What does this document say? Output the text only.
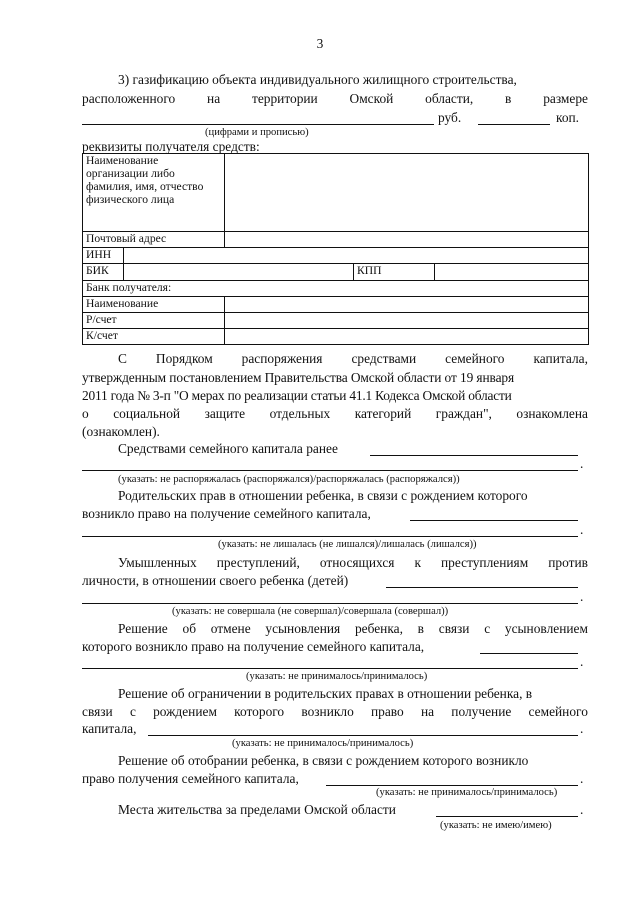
3
3) газификацию объекта индивидуального жилищного строительства,
расположенного на территории Омской области, в размере
руб.	коп.
(цифрами и прописью)
реквизиты получателя средств:
Наименование организации либо фамилия, имя, отчество физического лица				
Почтовый адрес				
ИНН				
БИК			КПП	
Банк получателя:				
Наименование				
Р/счет				
К/счет				
С Порядком распоряжения средствами семейного капитала,
утвержденным постановлением Правительства Омской области от 19 января
2011 года № 3-п "О мерах по реализации статьи 41.1 Кодекса Омской области
о социальной защите отдельных категорий граждан", ознакомлена
(ознакомлен).
Средствами семейного капитала ранее
.
(указать: не распоряжалась (распоряжался)/распоряжалась (распоряжался))
Родительских прав в отношении ребенка, в связи с рождением которого
возникло право на получение семейного капитала,
.
(указать: не лишалась (не лишался)/лишалась (лишался))
Умышленных преступлений, относящихся к преступлениям против
личности, в отношении своего ребенка (детей)
.
(указать: не совершала (не совершал)/совершала (совершал))
Решение об отмене усыновления ребенка, в связи с усыновлением
которого возникло право на получение семейного капитала,
.
(указать: не принималось/принималось)
Решение об ограничении в родительских правах в отношении ребенка, в
связи с рождением которого возникло право на получение семейного
капитала,	.
(указать: не принималось/принималось)
Решение об отобрании ребенка, в связи с рождением которого возникло
право получения семейного капитала,	.
(указать: не принималось/принималось)
Места жительства за пределами Омской области	.
(указать: не имею/имею)
